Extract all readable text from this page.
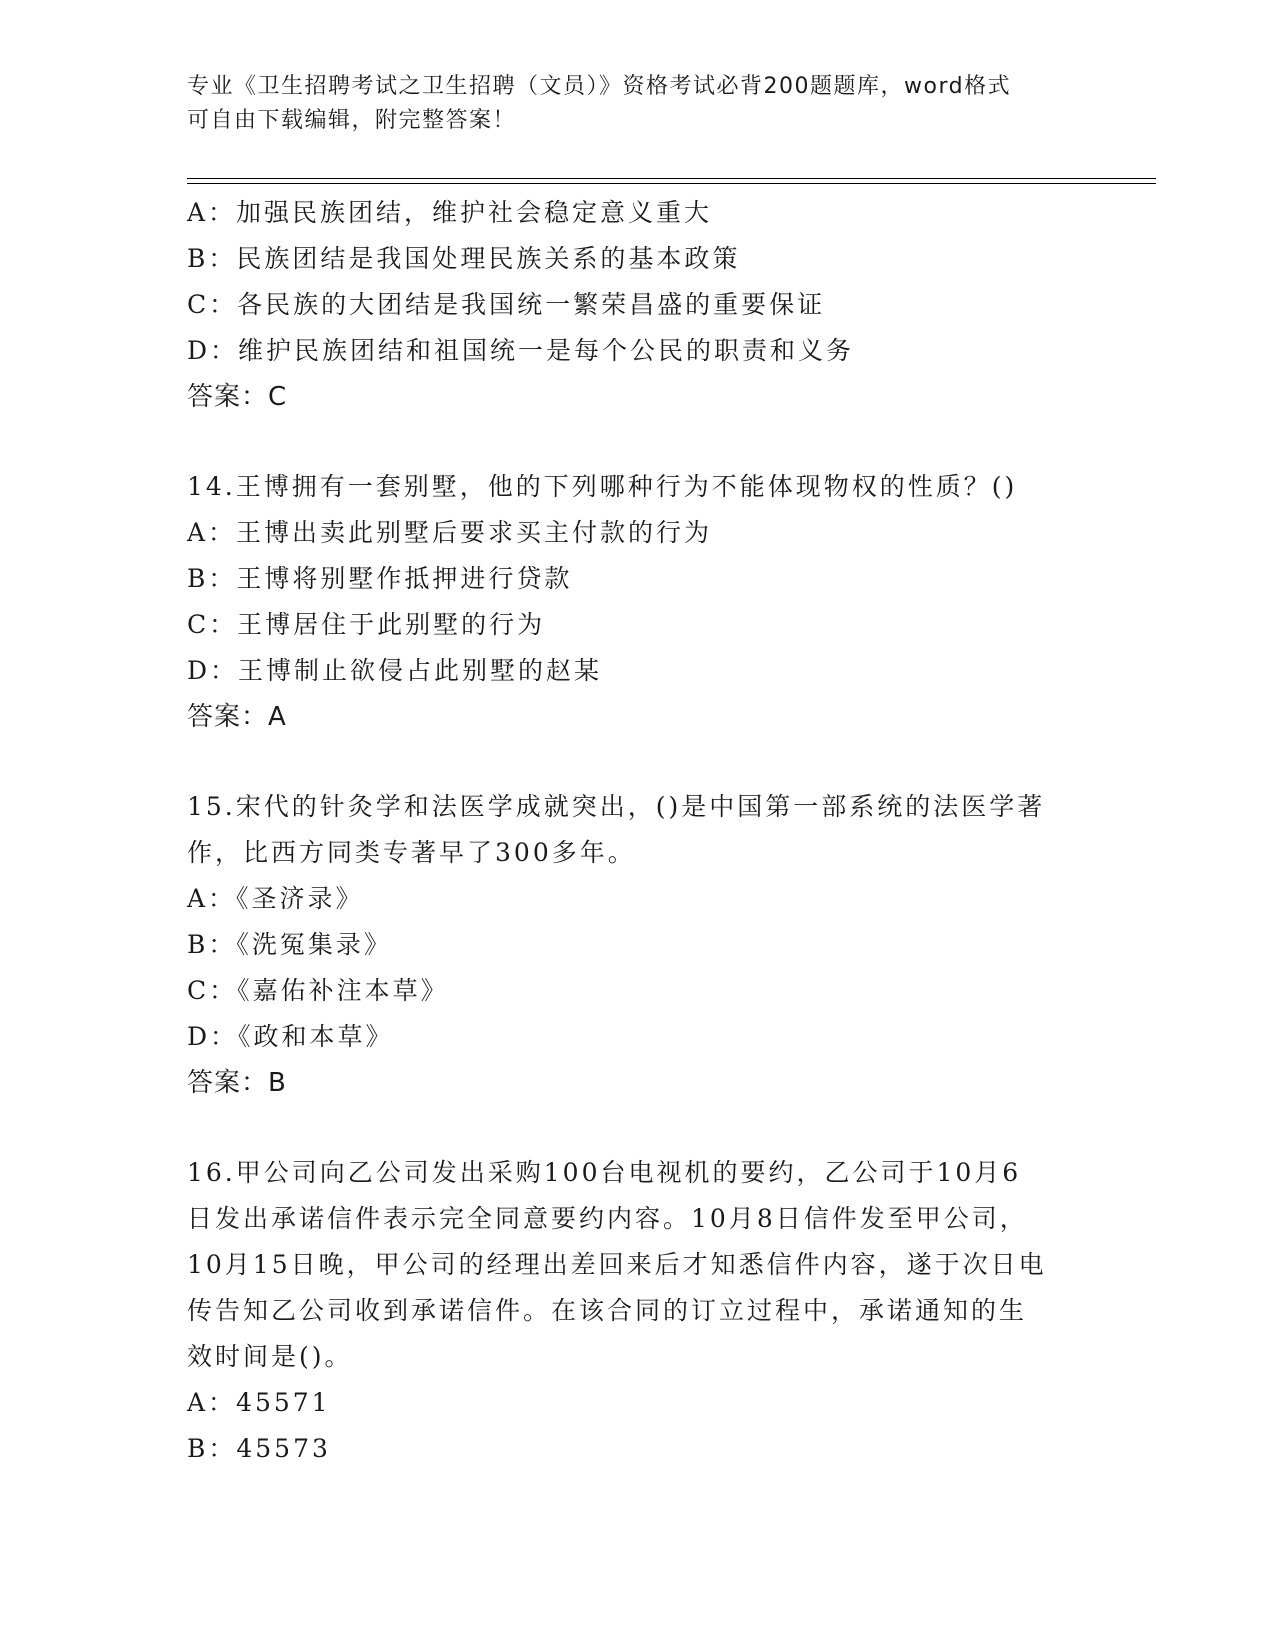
专业《卫生招聘考试之卫生招聘（文员）》资格考试必背200题题库，word格式
可自由下载编辑，附完整答案！
A：加强民族团结，维护社会稳定意义重大
B：民族团结是我国处理民族关系的基本政策
C：各民族的大团结是我国统一繁荣昌盛的重要保证
D：维护民族团结和祖国统一是每个公民的职责和义务
答案：C
14.王博拥有一套别墅，他的下列哪种行为不能体现物权的性质？()
A：王博出卖此别墅后要求买主付款的行为
B：王博将别墅作抵押进行贷款
C：王博居住于此别墅的行为
D：王博制止欲侵占此别墅的赵某
答案：A
15.宋代的针灸学和法医学成就突出，()是中国第一部系统的法医学著
作，比西方同类专著早了300多年。
A：《圣济录》
B：《洗冤集录》
C：《嘉佑补注本草》
D：《政和本草》
答案：B
16.甲公司向乙公司发出采购100台电视机的要约，乙公司于10月6
日发出承诺信件表示完全同意要约内容。10月8日信件发至甲公司，
10月15日晚，甲公司的经理出差回来后才知悉信件内容，遂于次日电
传告知乙公司收到承诺信件。在该合同的订立过程中，承诺通知的生
效时间是()。
A：45571
B：45573
